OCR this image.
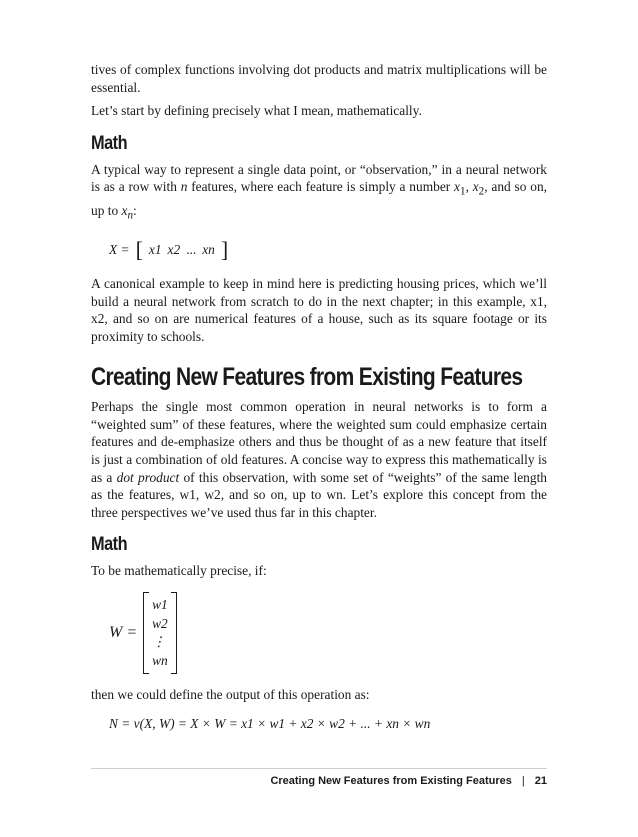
tives of complex functions involving dot products and matrix multiplications will be essential.

Let’s start by defining precisely what I mean, mathematically.

Math

A typical way to represent a single data point, or “observation,” in a neural network is as a row with n features, where each feature is simply a number $x_1$, $x_2$, and so on, up to $x_n$:

X = [ x1 x2 ... xn ]

A canonical example to keep in mind here is predicting housing prices, which we’ll build a neural network from scratch to do in the next chapter; in this example, x1, x2, and so on are numerical features of a house, such as its square footage or its proximity to schools.

Creating New Features from Existing Features

Perhaps the single most common operation in neural networks is to form a “weighted sum” of these features, where the weighted sum could emphasize certain features and de-emphasize others and thus be thought of as a new feature that itself is just a combination of old features. A concise way to express this mathematically is as a dot product of this observation, with some set of “weights” of the same length as the features, w1, w2, and so on, up to wn. Let’s explore this concept from the three perspectives we’ve used thus far in this chapter.

Math

To be mathematically precise, if:

W =
w1
w2
⋮
wn

then we could define the output of this operation as:

N = ν(X, W) = X × W = x1 × w1 + x2 × w2 + ... + xn × wn
Creating New Features from Existing Features | 21
